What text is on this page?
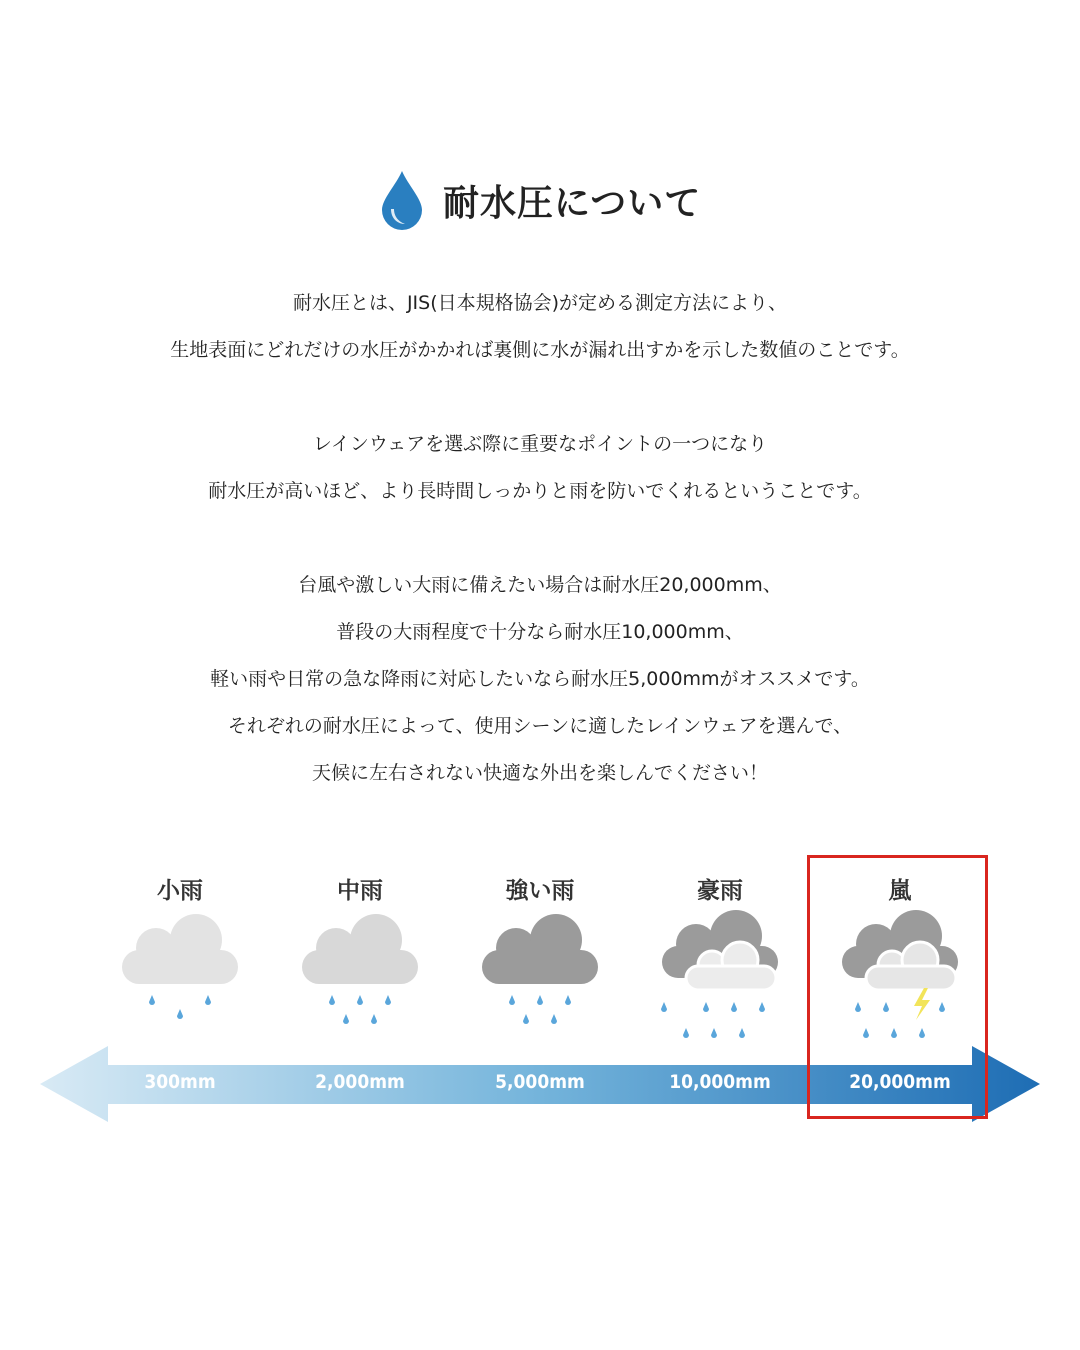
耐水圧について
耐水圧とは、JIS(日本規格協会)が定める測定方法により、
生地表面にどれだけの水圧がかかれば裏側に水が漏れ出すかを示した数値のことです。
レインウェアを選ぶ際に重要なポイントの一つになり
耐水圧が高いほど、より長時間しっかりと雨を防いでくれるということです。
台風や激しい大雨に備えたい場合は耐水圧20,000mm、
普段の大雨程度で十分なら耐水圧10,000mm、
軽い雨や日常の急な降雨に対応したいなら耐水圧5,000mmがオススメです。
それぞれの耐水圧によって、使用シーンに適したレインウェアを選んで、
天候に左右されない快適な外出を楽しんでください！
小雨	中雨	強い雨	豪雨	嵐
300mm	2,000mm	5,000mm	10,000mm	20,000mm
